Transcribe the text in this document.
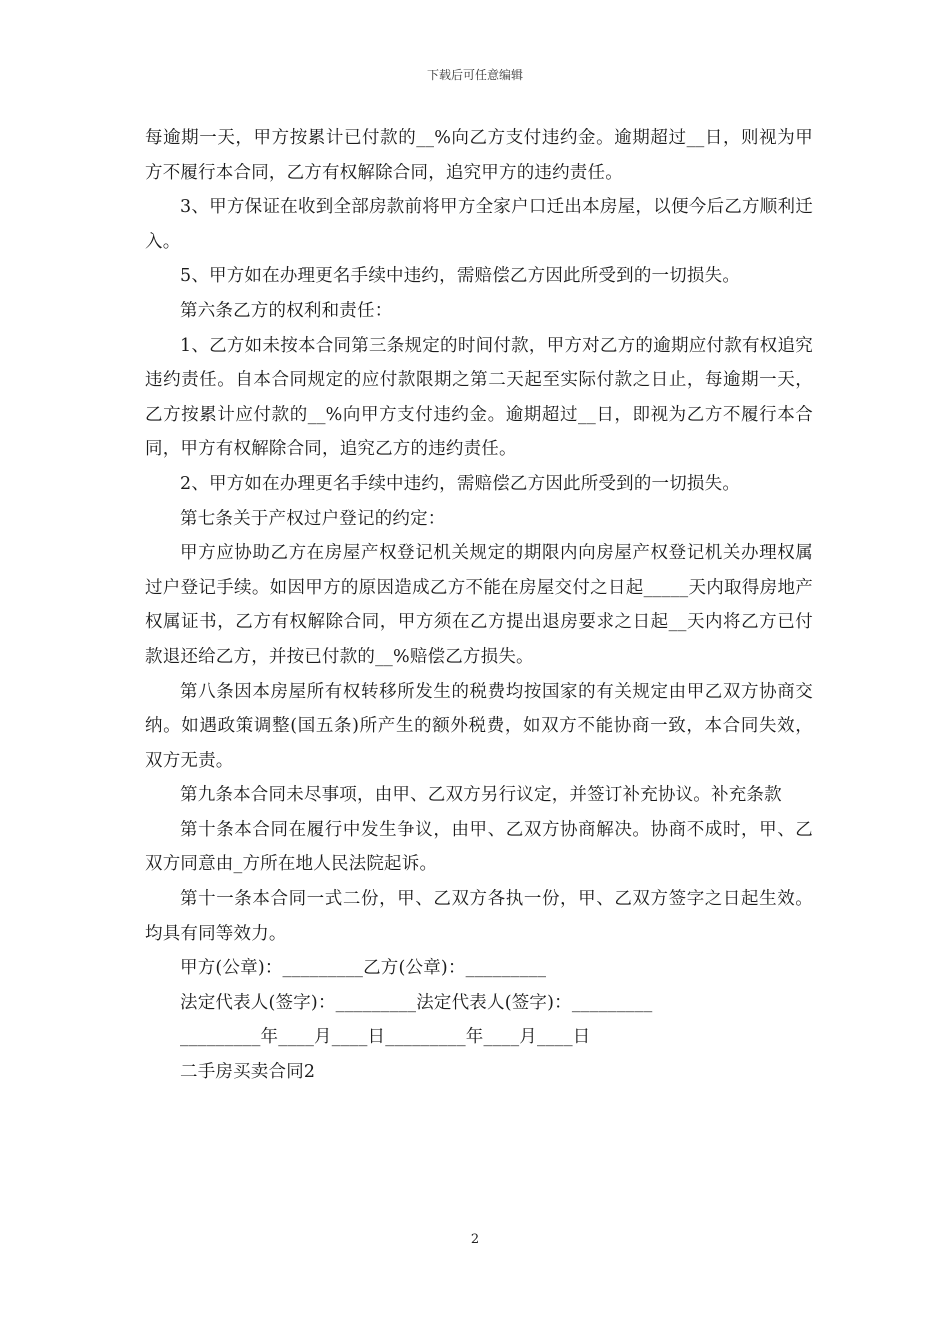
下载后可任意编辑

每逾期一天，甲方按累计已付款的__%向乙方支付违约金。逾期超过__日，则视为甲方不履行本合同，乙方有权解除合同，追究甲方的违约责任。

3、甲方保证在收到全部房款前将甲方全家户口迁出本房屋，以便今后乙方顺利迁入。

5、甲方如在办理更名手续中违约，需赔偿乙方因此所受到的一切损失。

第六条乙方的权利和责任：

1、乙方如未按本合同第三条规定的时间付款，甲方对乙方的逾期应付款有权追究违约责任。自本合同规定的应付款限期之第二天起至实际付款之日止，每逾期一天，乙方按累计应付款的__%向甲方支付违约金。逾期超过__日，即视为乙方不履行本合同，甲方有权解除合同，追究乙方的违约责任。

2、甲方如在办理更名手续中违约，需赔偿乙方因此所受到的一切损失。

第七条关于产权过户登记的约定：

甲方应协助乙方在房屋产权登记机关规定的期限内向房屋产权登记机关办理权属过户登记手续。如因甲方的原因造成乙方不能在房屋交付之日起_____天内取得房地产权属证书，乙方有权解除合同，甲方须在乙方提出退房要求之日起__天内将乙方已付款退还给乙方，并按已付款的__%赔偿乙方损失。

第八条因本房屋所有权转移所发生的税费均按国家的有关规定由甲乙双方协商交纳。如遇政策调整(国五条)所产生的额外税费，如双方不能协商一致，本合同失效，双方无责。

第九条本合同未尽事项，由甲、乙双方另行议定，并签订补充协议。补充条款

第十条本合同在履行中发生争议，由甲、乙双方协商解决。协商不成时，甲、乙双方同意由_方所在地人民法院起诉。

第十一条本合同一式二份，甲、乙双方各执一份，甲、乙双方签字之日起生效。均具有同等效力。

甲方(公章)：_________乙方(公章)：_________

法定代表人(签字)：_________法定代表人(签字)：_________

_________年____月____日_________年____月____日

二手房买卖合同2

2
